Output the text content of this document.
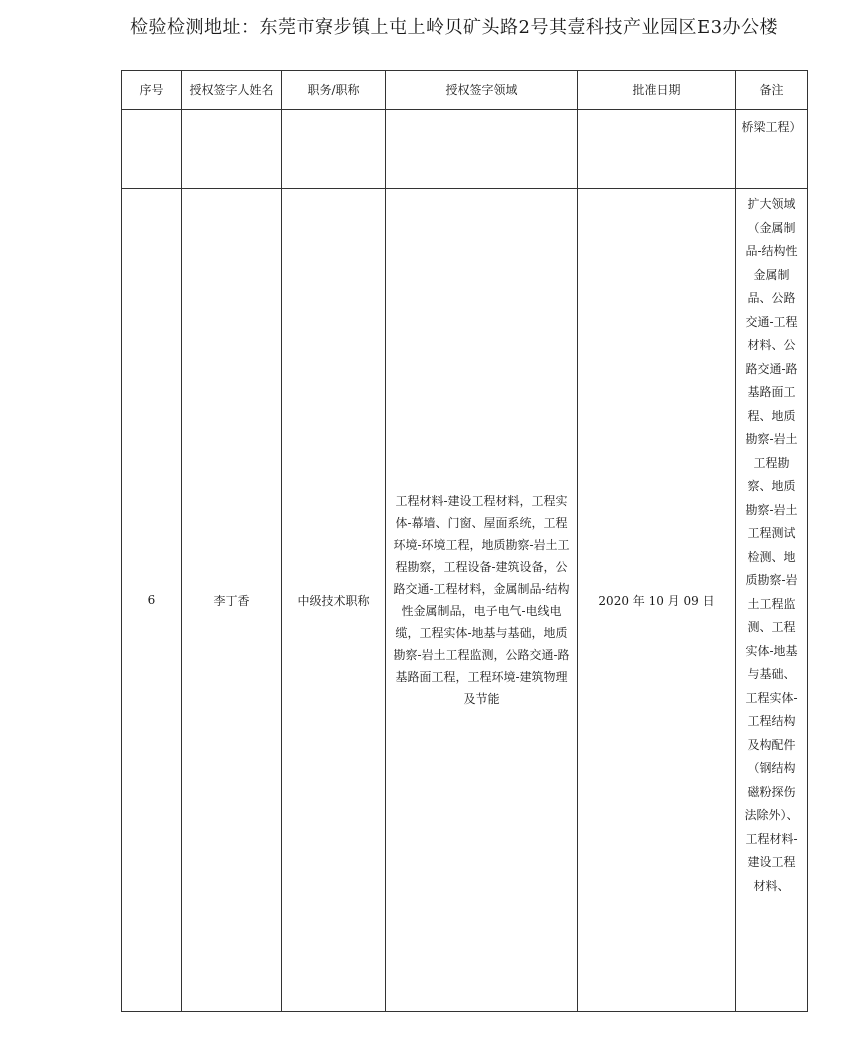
检验检测地址：东莞市寮步镇上屯上岭贝矿头路2号其壹科技产业园区E3办公楼
序号	授权签字人姓名	职务/职称	授权签字领域	批准日期	备注
					桥梁工程）
6	李丁香	中级技术职称	工程材料-建设工程材料，工程实体-幕墙、门窗、屋面系统，工程环境-环境工程，地质勘察-岩土工程勘察，工程设备-建筑设备，公路交通-工程材料，金属制品-结构性金属制品，电子电气-电线电缆，工程实体-地基与基础，地质勘察-岩土工程监测，公路交通-路基路面工程，工程环境-建筑物理及节能	2020 年 10 月 09 日	扩大领域（金属制品-结构性金属制品、公路交通-工程材料、公路交通-路基路面工程、地质勘察-岩土工程勘察、地质勘察-岩土工程测试检测、地质勘察-岩土工程监测、工程实体-地基与基础、工程实体-工程结构及构配件（钢结构磁粉探伤法除外）、工程材料-建设工程材料、
